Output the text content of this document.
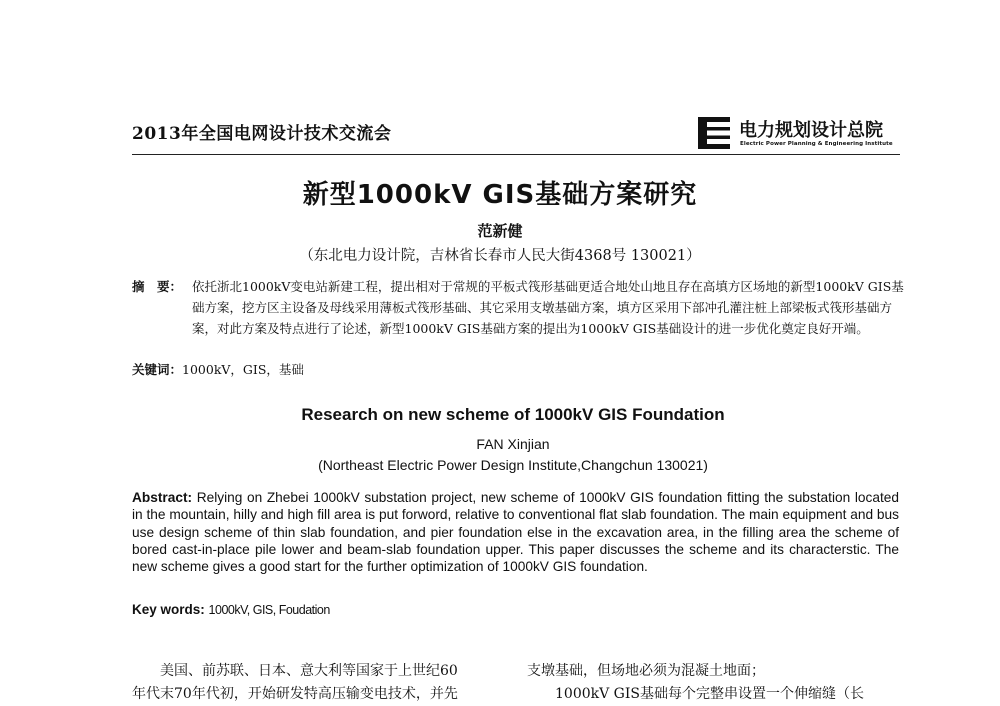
2013年全国电网设计技术交流会	电力规划设计总院
Electric Power Planning & Engineering Institute
新型1000kV GIS基础方案研究
范新健
（东北电力设计院，吉林省长春市人民大街4368号 130021）
摘　要： 依托浙北1000kV变电站新建工程，提出相对于常规的平板式筏形基础更适合地处山地且存在高填方区场地的新型1000kV GIS基础方案，挖方区主设备及母线采用薄板式筏形基础、其它采用支墩基础方案，填方区采用下部冲孔灌注桩上部梁板式筏形基础方案，对此方案及特点进行了论述，新型1000kV GIS基础方案的提出为1000kV GIS基础设计的进一步优化奠定良好开端。
关键词：1000kV，GIS，基础
Research on new scheme of 1000kV GIS Foundation
FAN Xinjian
(Northeast Electric Power Design Institute,Changchun 130021)
Abstract: Relying on Zhebei 1000kV substation project, new scheme of 1000kV GIS foundation fitting the substation located in the mountain, hilly and high fill area is put forword, relative to conventional flat slab foundation. The main equipment and bus use design scheme of thin slab foundation, and pier foundation else in the excavation area, in the filling area the scheme of bored cast-in-place pile lower and beam-slab foundation upper. This paper discusses the scheme and its characterstic. The new scheme gives a good start for the further optimization of 1000kV GIS foundation.
Key words: 1000kV, GIS, Foudation
美国、前苏联、日本、意大利等国家于上世纪60
年代末70年代初，开始研发特高压输变电技术，并先
支墩基础，但场地必须为混凝土地面；
1000kV GIS基础每个完整串设置一个伸缩缝（长
